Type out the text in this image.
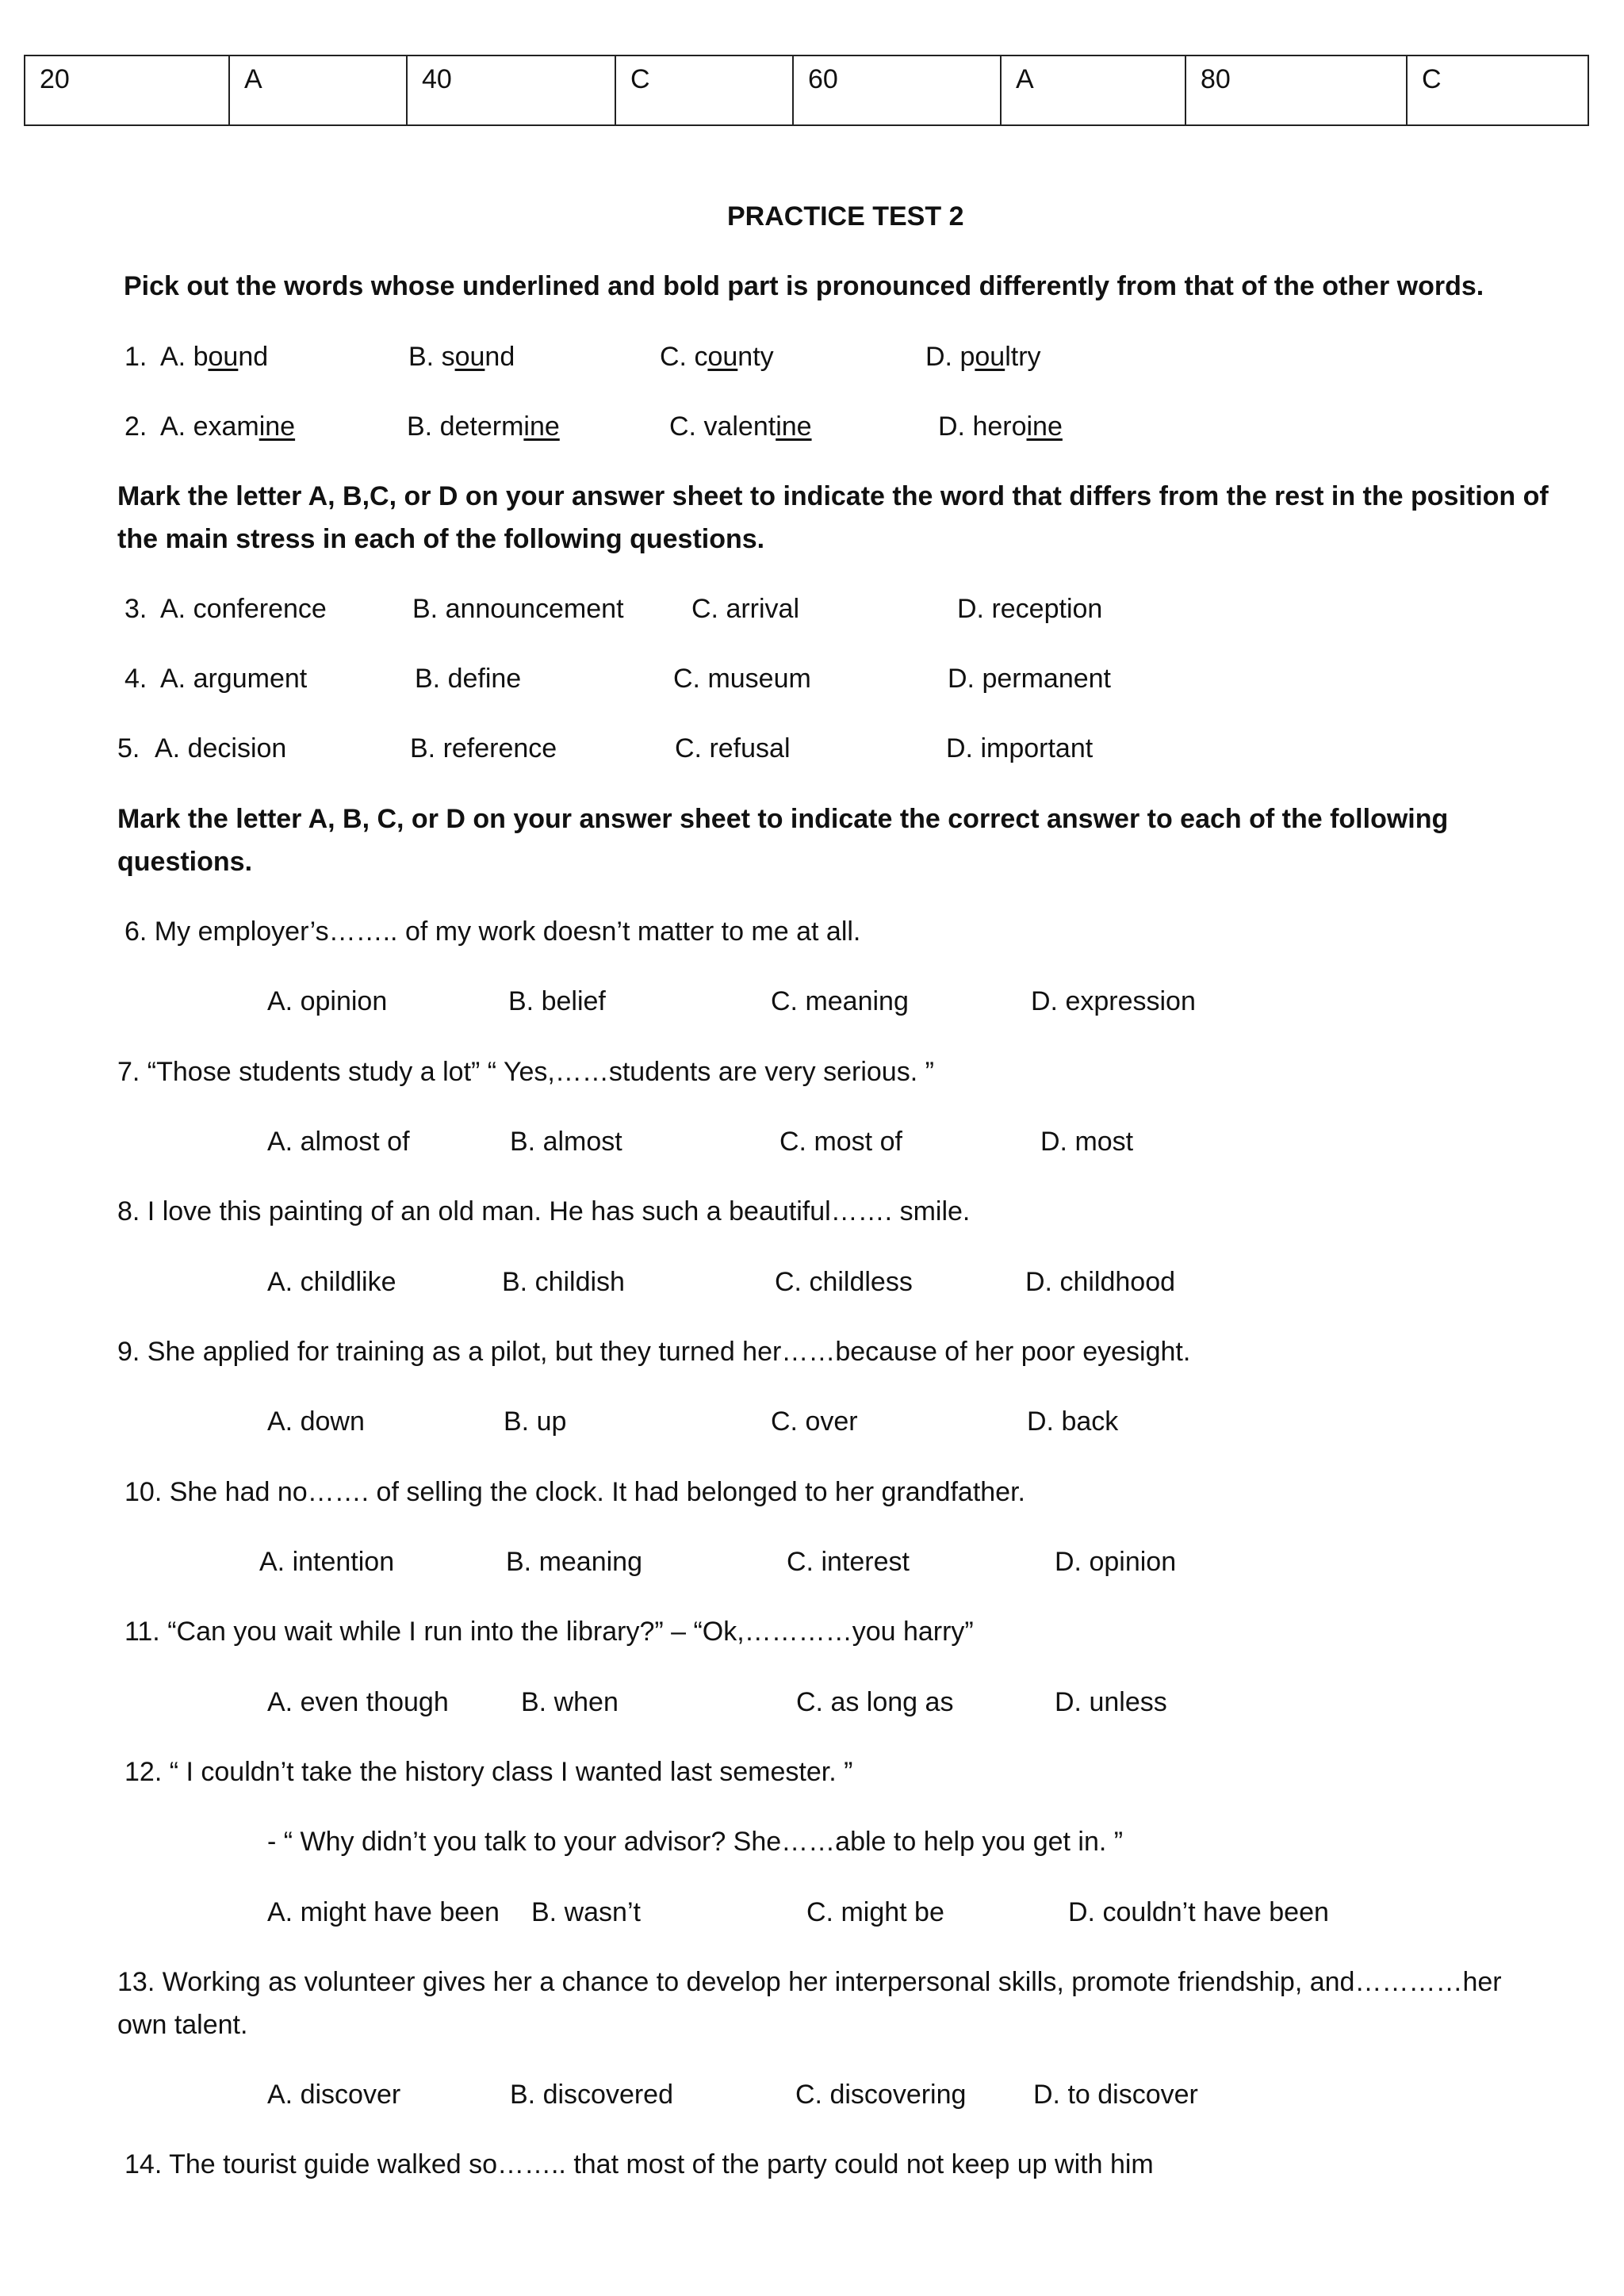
20	A	40	C	60	A	80	C
PRACTICE TEST 2
Pick out the words whose underlined and bold part is pronounced differently from that of the other words.
1. A. bound	B. sound	C. county	D. poultry
2. A. examine	B. determine	C. valentine	D. heroine
Mark the letter A, B,C, or D on your answer sheet to indicate the word that differs from the rest in the position of
the main stress in each of the following questions.
3. A. conference	B. announcement	C. arrival	D. reception
4. A. argument	B. define	C. museum	D. permanent
5. A. decision	B. reference	C. refusal	D. important
Mark the letter A, B, C, or D on your answer sheet to indicate the correct answer to each of the following
questions.
6. My employer’s…….. of my work doesn’t matter to me at all.
A. opinion	B. belief	C. meaning	D. expression
7. “Those students study a lot” “ Yes,……students are very serious. ”
A. almost of	B. almost	C. most of	D. most
8. I love this painting of an old man. He has such a beautiful……. smile.
A. childlike	B. childish	C. childless	D. childhood
9. She applied for training as a pilot, but they turned her……because of her poor eyesight.
A. down	B. up	C. over	D. back
10. She had no……. of selling the clock. It had belonged to her grandfather.
A. intention	B. meaning	C. interest	D. opinion
11. “Can you wait while I run into the library?” – “Ok,…………you harry”
A. even though	B. when	C. as long as	D. unless
12. “ I couldn’t take the history class I wanted last semester. ”
- “ Why didn’t you talk to your advisor? She……able to help you get in. ”
A. might have been B. wasn’t	C. might be	D. couldn’t have been
13. Working as volunteer gives her a chance to develop her interpersonal skills, promote friendship, and…………her
own talent.
A. discover	B. discovered	C. discovering D. to discover
14. The tourist guide walked so…….. that most of the party could not keep up with him
